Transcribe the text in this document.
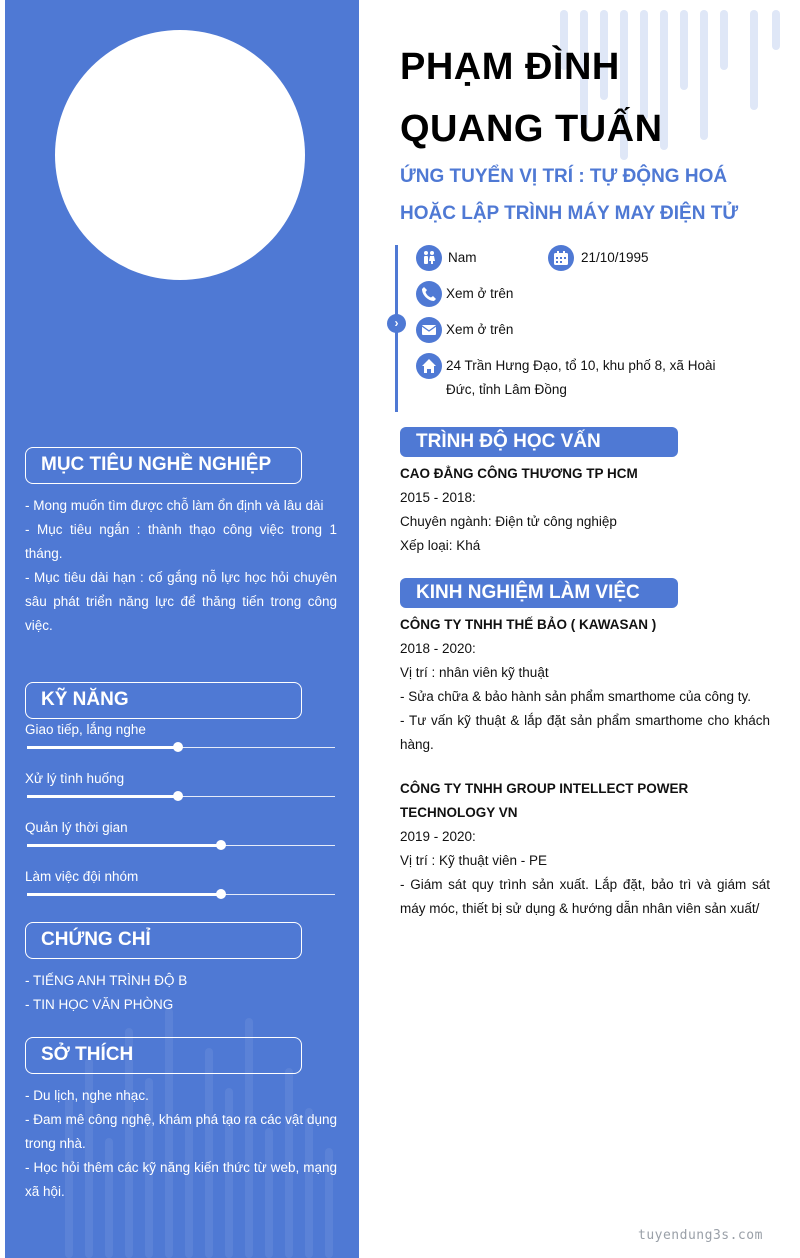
MỤC TIÊU NGHỀ NGHIỆP

- Mong muốn tìm được chỗ làm ổn định và lâu dài

- Mục tiêu ngắn : thành thạo công việc trong 1 tháng.

- Mục tiêu dài hạn : cố gắng nỗ lực học hỏi chuyên sâu phát triển năng lực để thăng tiến trong công việc.

KỸ NĂNG
Giao tiếp, lắng nghe
Xử lý tình huống
Quản lý thời gian
Làm việc đội nhóm
CHỨNG CHỈ

- TIẾNG ANH TRÌNH ĐỘ B

- TIN HỌC VĂN PHÒNG

SỞ THÍCH

- Du lịch, nghe nhạc.

- Đam mê công nghệ, khám phá tạo ra các vật dụng trong nhà.

- Học hỏi thêm các kỹ năng kiến thức từ web, mạng xã hội.

PHẠM ĐÌNH
QUANG TUẤN
ỨNG TUYỂN VỊ TRÍ : TỰ ĐỘNG HOÁ
HOẶC LẬP TRÌNH MÁY MAY ĐIỆN TỬ
›
Nam	21/10/1995
Xem ở trên
Xem ở trên
24 Trần Hưng Đạo, tổ 10, khu phố 8, xã Hoài
Đức, tỉnh Lâm Đồng
TRÌNH ĐỘ HỌC VẤN

CAO ĐẲNG CÔNG THƯƠNG TP HCM

2015 - 2018:

Chuyên ngành: Điện tử công nghiệp

Xếp loại: Khá

KINH NGHIỆM LÀM VIỆC

CÔNG TY TNHH THẾ BẢO ( KAWASAN )

2018 - 2020:

Vị trí : nhân viên kỹ thuật

- Sửa chữa & bảo hành sản phẩm smarthome của công ty.

- Tư vấn kỹ thuật & lắp đặt sản phẩm smarthome cho khách hàng.

CÔNG TY TNHH GROUP INTELLECT POWER TECHNOLOGY VN

2019 - 2020:

Vị trí : Kỹ thuật viên - PE

- Giám sát quy trình sản xuất. Lắp đặt, bảo trì và giám sát máy móc, thiết bị sử dụng & hướng dẫn nhân viên sản xuất/

tuyendung3s.com
